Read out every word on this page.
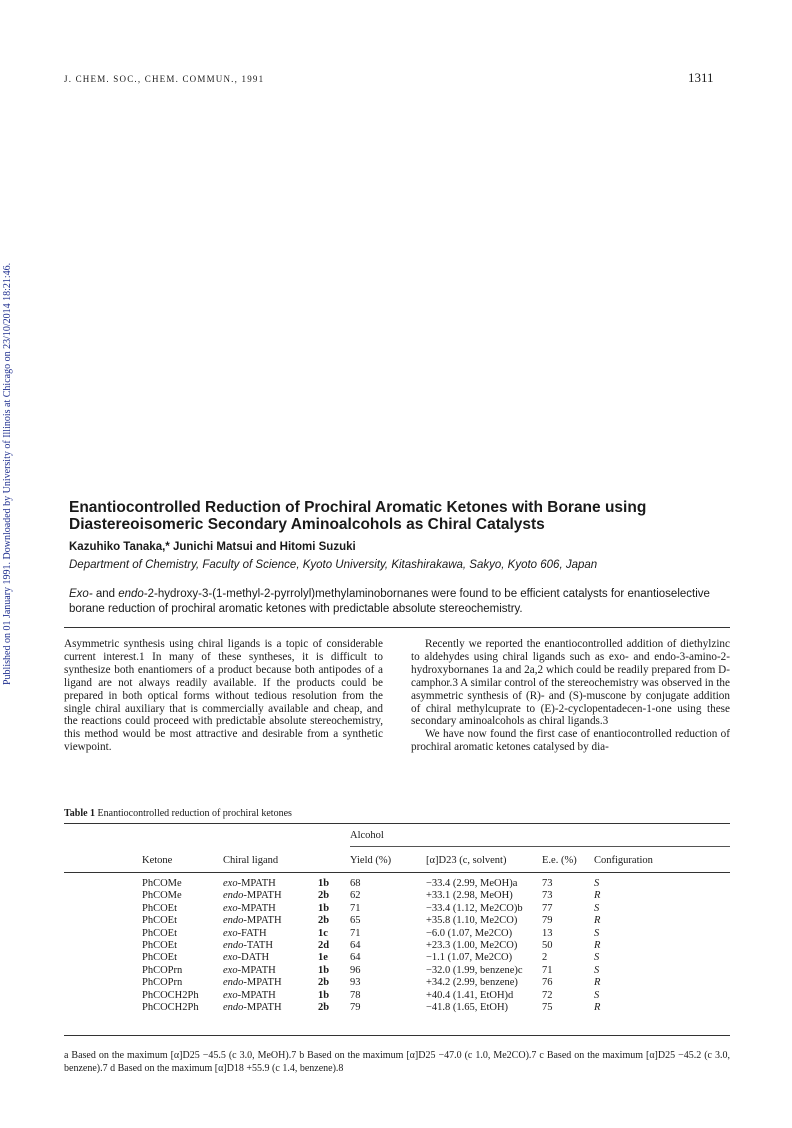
J. CHEM. SOC., CHEM. COMMUN., 1991	1311
Published on 01 January 1991. Downloaded by University of Illinois at Chicago on 23/10/2014 18:21:46.	Enantiocontrolled Reduction of Prochiral Aromatic Ketones with Borane using Diastereoisomeric Secondary Aminoalcohols as Chiral Catalysts
Kazuhiko Tanaka,* Junichi Matsui and Hitomi Suzuki
Department of Chemistry, Faculty of Science, Kyoto University, Kitashirakawa, Sakyo, Kyoto 606, Japan
Exo- and endo-2-hydroxy-3-(1-methyl-2-pyrrolyl)methylaminobornanes were found to be efficient catalysts for enantioselective borane reduction of prochiral aromatic ketones with predictable absolute stereochemistry.

Asymmetric synthesis using chiral ligands is a topic of considerable current interest.1 In many of these syntheses, it is difficult to synthesize both enantiomers of a product because both antipodes of a ligand are not always readily available. If the products could be prepared in both optical forms without tedious resolution from the single chiral auxiliary that is commercially available and cheap, and the reactions could proceed with predictable absolute stereochemistry, this method would be most attractive and desirable from a synthetic viewpoint.

Recently we reported the enantiocontrolled addition of diethylzinc to aldehydes using chiral ligands such as exo- and endo-3-amino-2-hydroxybornanes 1a and 2a,2 which could be readily prepared from D-camphor.3 A similar control of the stereochemistry was observed in the asymmetric synthesis of (R)- and (S)-muscone by conjugate addition of chiral methylcuprate to (E)-2-cyclopentadecen-1-one using these secondary aminoalcohols as chiral ligands.3

We have now found the first case of enantiocontrolled reduction of prochiral aromatic ketones catalysed by dia-

Table 1 Enantiocontrolled reduction of prochiral ketones
Alcohol
Ketone	Chiral ligand	Yield (%)	[α]D23 (c, solvent)	E.e. (%) Configuration
PhCOMe	exo-MPATH	1b 68	−33.4 (2.99, MeOH)a 73	S
PhCOMe	endo-MPATH	2b 62	+33.1 (2.98, MeOH)	73	R
PhCOEt	exo-MPATH	1b 71	−33.4 (1.12, Me2CO)b 77	S
PhCOEt	endo-MPATH	2b 65	+35.8 (1.10, Me2CO) 79	R
PhCOEt	exo-FATH	1c 71	−6.0 (1.07, Me2CO)	13	S
PhCOEt	endo-TATH	2d 64	+23.3 (1.00, Me2CO) 50	R
PhCOEt	exo-DATH	1e 64	−1.1 (1.07, Me2CO)	2	S
PhCOPrn	exo-MPATH	1b 96	−32.0 (1.99, benzene)c 71	S
PhCOPrn	endo-MPATH	2b 93	+34.2 (2.99, benzene) 76	R
PhCOCH2Ph exo-MPATH	1b 78	+40.4 (1.41, EtOH)d	72	S
PhCOCH2Ph endo-MPATH	2b 79	−41.8 (1.65, EtOH)	75	R
a Based on the maximum [α]D25 −45.5 (c 3.0, MeOH).7 b Based on the maximum [α]D25 −47.0 (c 1.0, Me2CO).7 c Based on the maximum [α]D25 −45.2 (c 3.0, benzene).7 d Based on the maximum [α]D18 +55.9 (c 1.4, benzene).8
